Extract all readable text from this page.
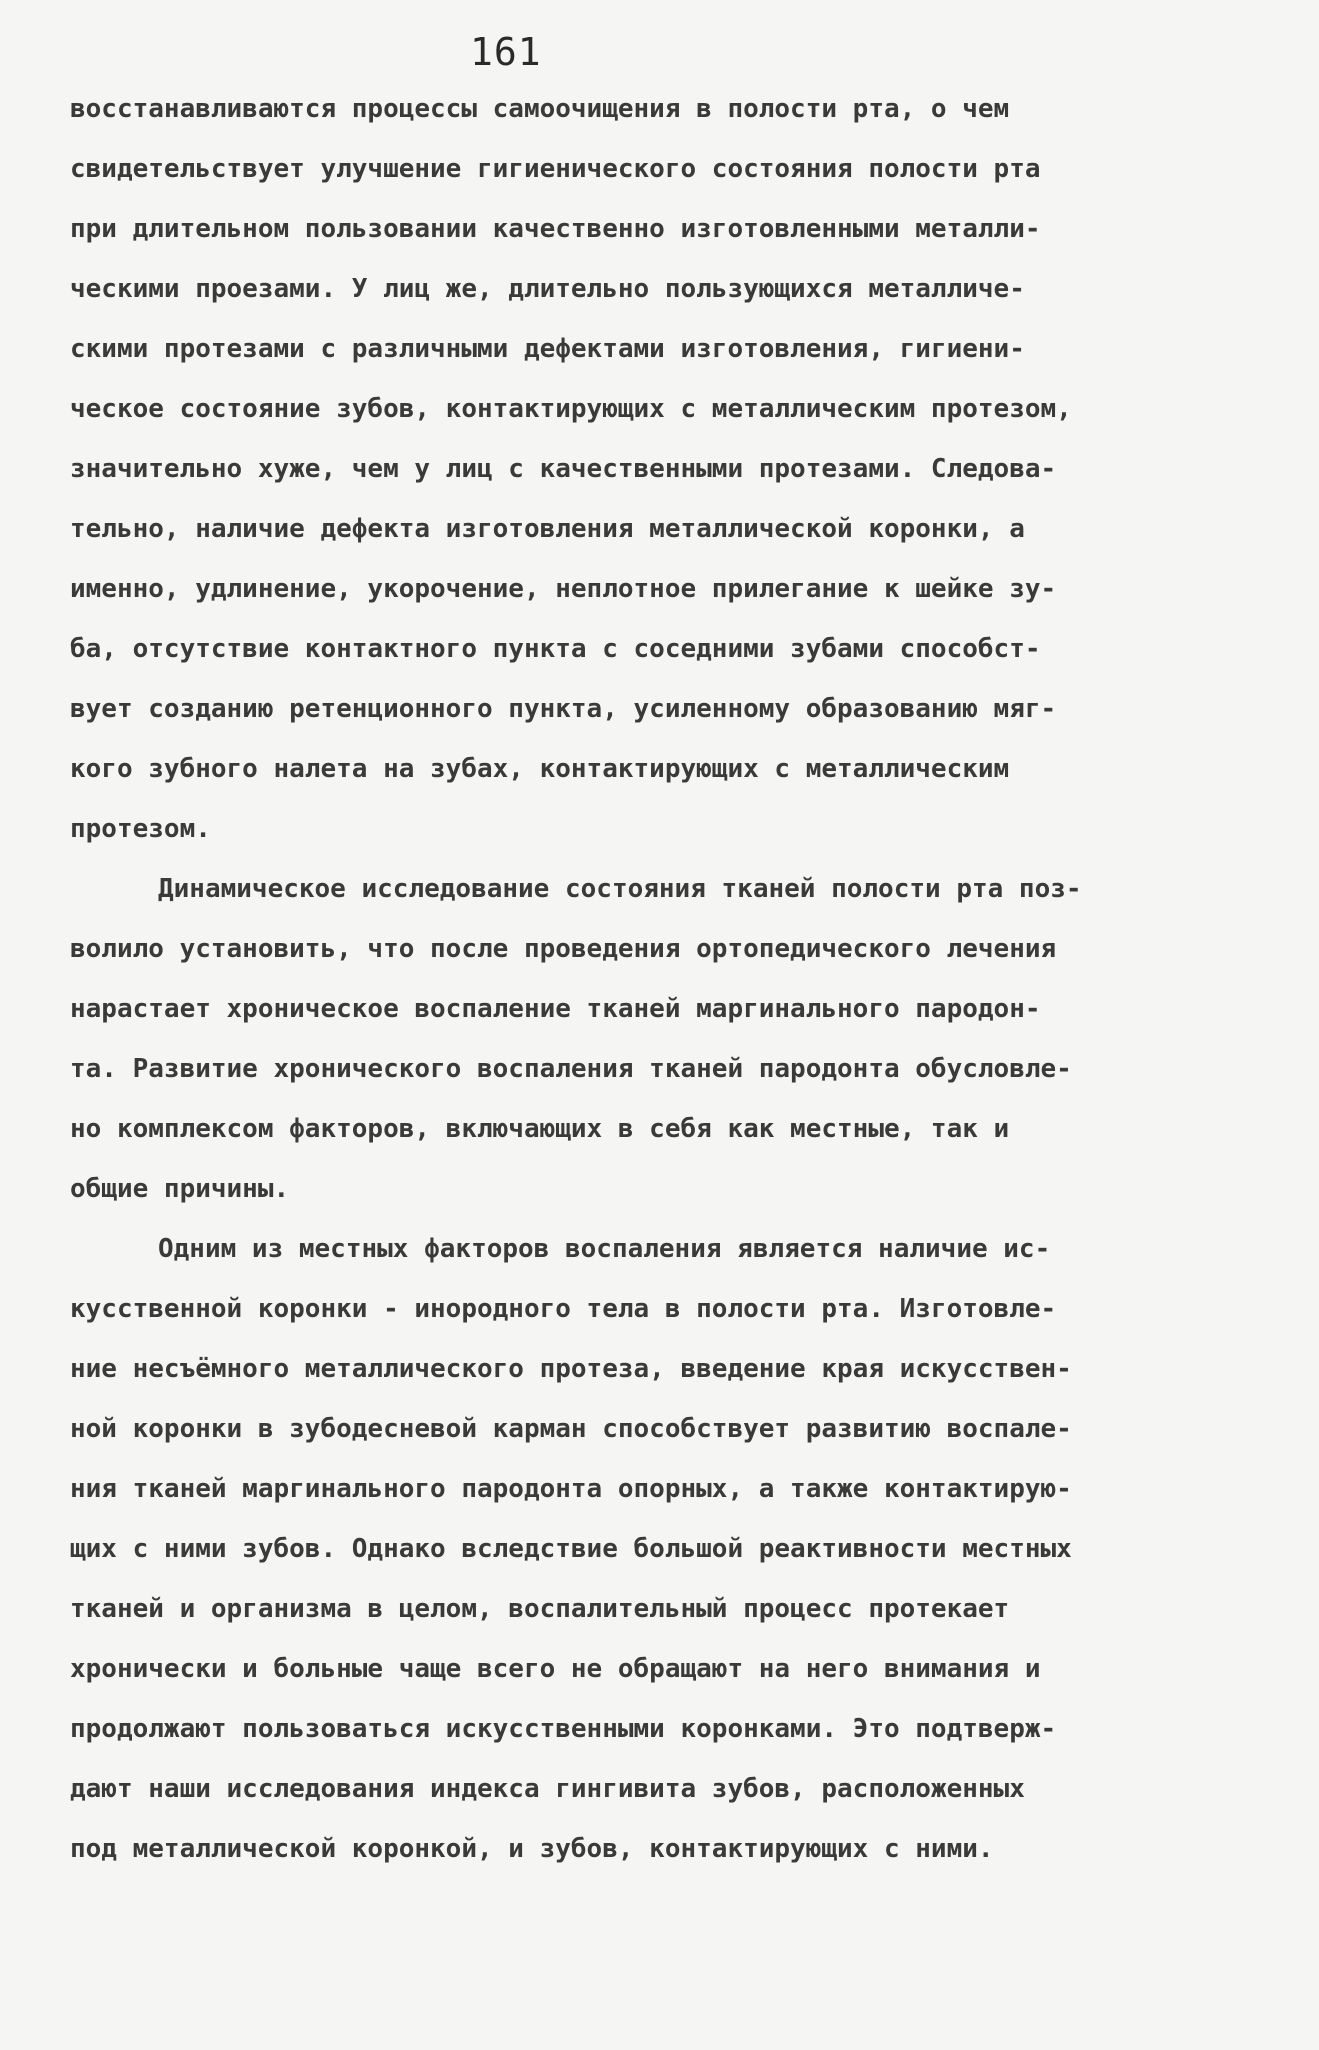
161
восстанавливаются процессы самоочищения в полости рта, о чем
свидетельствует улучшение гигиенического состояния полости рта
при длительном пользовании качественно изготовленными металли-
ческими проезами. У лиц же, длительно пользующихся металличе-
скими протезами с различными дефектами изготовления, гигиени-
ческое состояние зубов, контактирующих с металлическим протезом,
значительно хуже, чем у лиц с качественными протезами. Следова-
тельно, наличие дефекта изготовления металлической коронки, а
именно, удлинение, укорочение, неплотное прилегание к шейке зу-
ба, отсутствие контактного пункта с соседними зубами способст-
вует созданию ретенционного пункта, усиленному образованию мяг-
кого зубного налета на зубах, контактирующих с металлическим
протезом.
Динамическое исследование состояния тканей полости рта поз-
волило установить, что после проведения ортопедического лечения
нарастает хроническое воспаление тканей маргинального пародон-
та. Развитие хронического воспаления тканей пародонта обусловле-
но комплексом факторов, включающих в себя как местные, так и
общие причины.
Одним из местных факторов воспаления является наличие ис-
кусственной коронки - инородного тела в полости рта. Изготовле-
ние несъёмного металлического протеза, введение края искусствен-
ной коронки в зубодесневой карман способствует развитию воспале-
ния тканей маргинального пародонта опорных, а также контактирую-
щих с ними зубов. Однако вследствие большой реактивности местных
тканей и организма в целом, воспалительный процесс протекает
хронически и больные чаще всего не обращают на него внимания и
продолжают пользоваться искусственными коронками. Это подтверж-
дают наши исследования индекса гингивита зубов, расположенных
под металлической коронкой, и зубов, контактирующих с ними.
